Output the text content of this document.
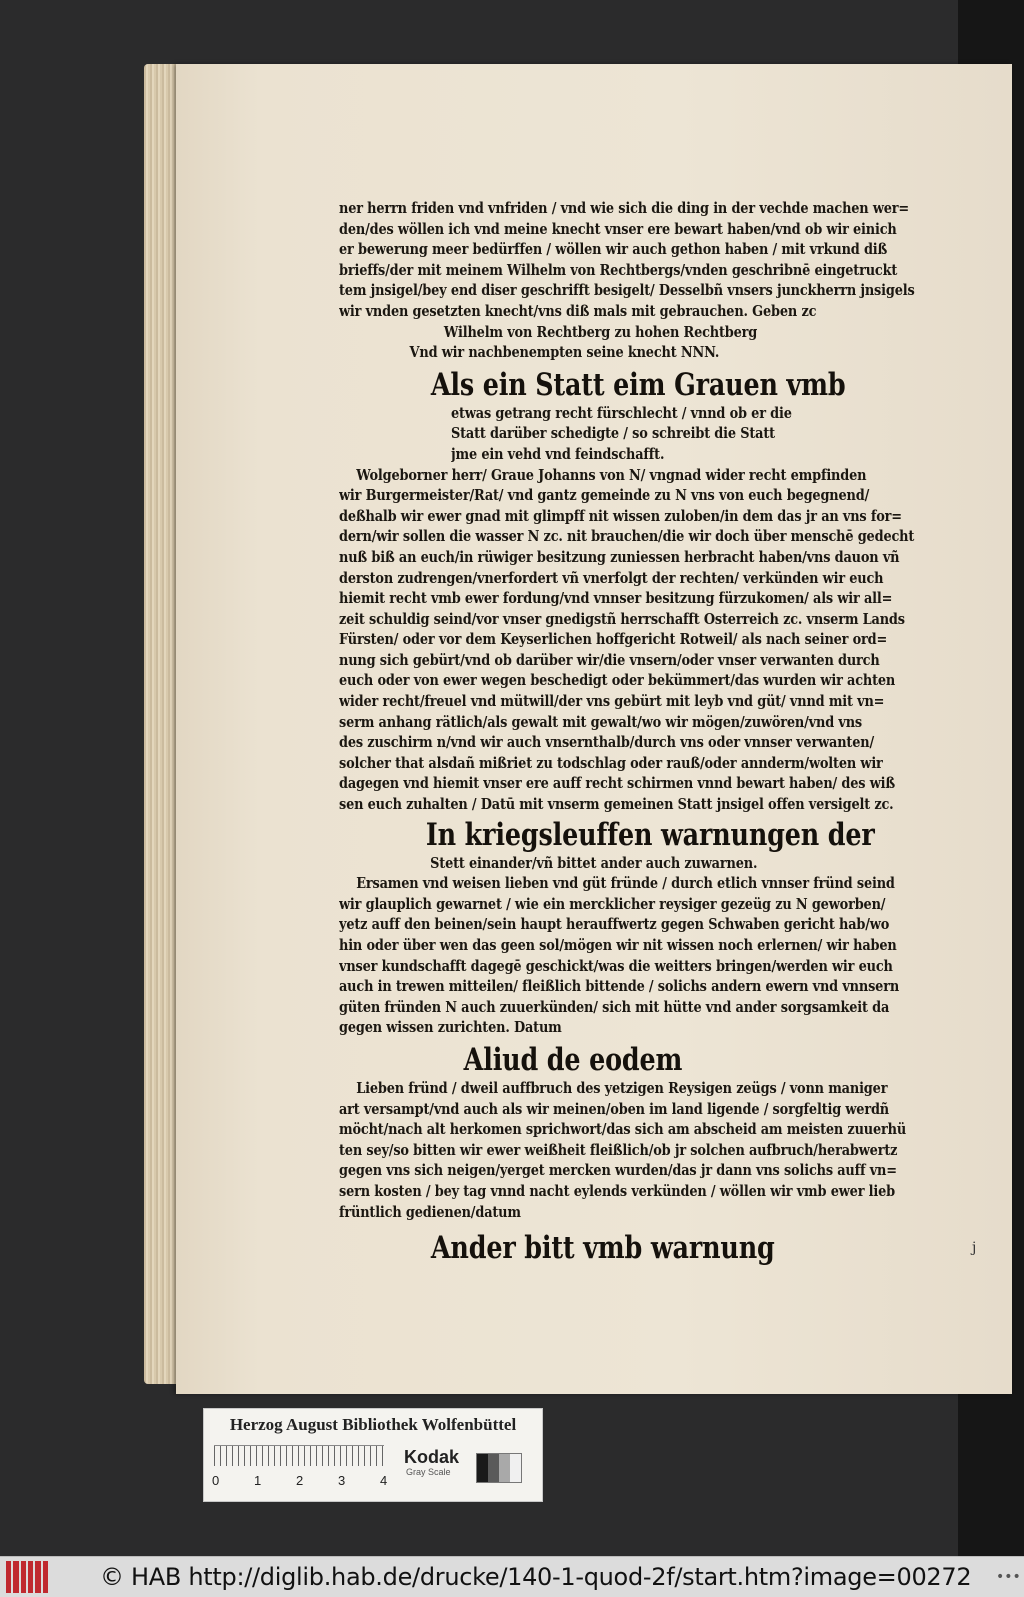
ner herrn friden vnd vnfriden / vnd wie sich die ding in der vechde machen wer=
den/des wöllen ich vnd meine knecht vnser ere bewart haben/vnd ob wir einich
er bewerung meer bedürffen / wöllen wir auch gethon haben / mit vrkund diß
brieffs/der mit meinem Wilhelm von Rechtbergs/vnden geschribnē eingetruckt
tem jnsigel/bey end diser geschrifft besigelt/ Desselbñ vnsers junckherrn jnsigels
wir vnden gesetzten knecht/vns diß mals mit gebrauchen. Geben zc
Wilhelm von Rechtberg zu hohen Rechtberg
Vnd wir nachbenempten seine knecht NNN.
Als ein Statt eim Grauen vmb
etwas getrang recht fürschlecht / vnnd ob er die
Statt darüber schedigte / so schreibt die Statt
jme ein vehd vnd feindschafft.
Wolgeborner herr/ Graue Johanns von N/ vngnad wider recht empfinden
wir Burgermeister/Rat/ vnd gantz gemeinde zu N vns von euch begegnend/
deßhalb wir ewer gnad mit glimpff nit wissen zuloben/in dem das jr an vns for=
dern/wir sollen die wasser N zc. nit brauchen/die wir doch über menschē gedecht
nuß biß an euch/in rüwiger besitzung zuniessen herbracht haben/vns dauon vñ
derston zudrengen/vnerfordert vñ vnerfolgt der rechten/ verkünden wir euch
hiemit recht vmb ewer fordung/vnd vnnser besitzung fürzukomen/ als wir all=
zeit schuldig seind/vor vnser gnedigstñ herrschafft Osterreich zc. vnserm Lands
Fürsten/ oder vor dem Keyserlichen hoffgericht Rotweil/ als nach seiner ord=
nung sich gebürt/vnd ob darüber wir/die vnsern/oder vnser verwanten durch
euch oder von ewer wegen beschedigt oder bekümmert/das wurden wir achten
wider recht/freuel vnd mütwill/der vns gebürt mit leyb vnd güt/ vnnd mit vn=
serm anhang rätlich/als gewalt mit gewalt/wo wir mögen/zuwören/vnd vns
des zuschirm n/vnd wir auch vnsernthalb/durch vns oder vnnser verwanten/
solcher that alsdañ mißriet zu todschlag oder rauß/oder annderm/wolten wir
dagegen vnd hiemit vnser ere auff recht schirmen vnnd bewart haben/ des wiß
sen euch zuhalten / Datū mit vnserm gemeinen Statt jnsigel offen versigelt zc.
In kriegsleuffen warnungen der
Stett einander/vñ bittet ander auch zuwarnen.
Ersamen vnd weisen lieben vnd güt fründe / durch etlich vnnser fründ seind
wir glauplich gewarnet / wie ein mercklicher reysiger gezeüg zu N geworben/
yetz auff den beinen/sein haupt herauffwertz gegen Schwaben gericht hab/wo
hin oder über wen das geen sol/mögen wir nit wissen noch erlernen/ wir haben
vnser kundschafft dagegē geschickt/was die weitters bringen/werden wir euch
auch in trewen mitteilen/ fleißlich bittende / solichs andern ewern vnd vnnsern
güten fründen N auch zuuerkünden/ sich mit hütte vnd ander sorgsamkeit da
gegen wissen zurichten. Datum
Aliud de eodem
Lieben fründ / dweil auffbruch des yetzigen Reysigen zeügs / vonn maniger
art versampt/vnd auch als wir meinen/oben im land ligende / sorgfeltig werdñ
möcht/nach alt herkomen sprichwort/das sich am abscheid am meisten zuuerhü
ten sey/so bitten wir ewer weißheit fleißlich/ob jr solchen aufbruch/herabwertz
gegen vns sich neigen/yerget mercken wurden/das jr dann vns solichs auff vn=
sern kosten / bey tag vnnd nacht eylends verkünden / wöllen wir vmb ewer lieb
früntlich gedienen/datum
Ander bitt vmb warnung	j
Herzog August Bibliothek Wolfenbüttel
0	1	2	3	4
Kodak
Gray Scale
© HAB http://diglib.hab.de/drucke/140-1-quod-2f/start.htm?image=00272 •••
